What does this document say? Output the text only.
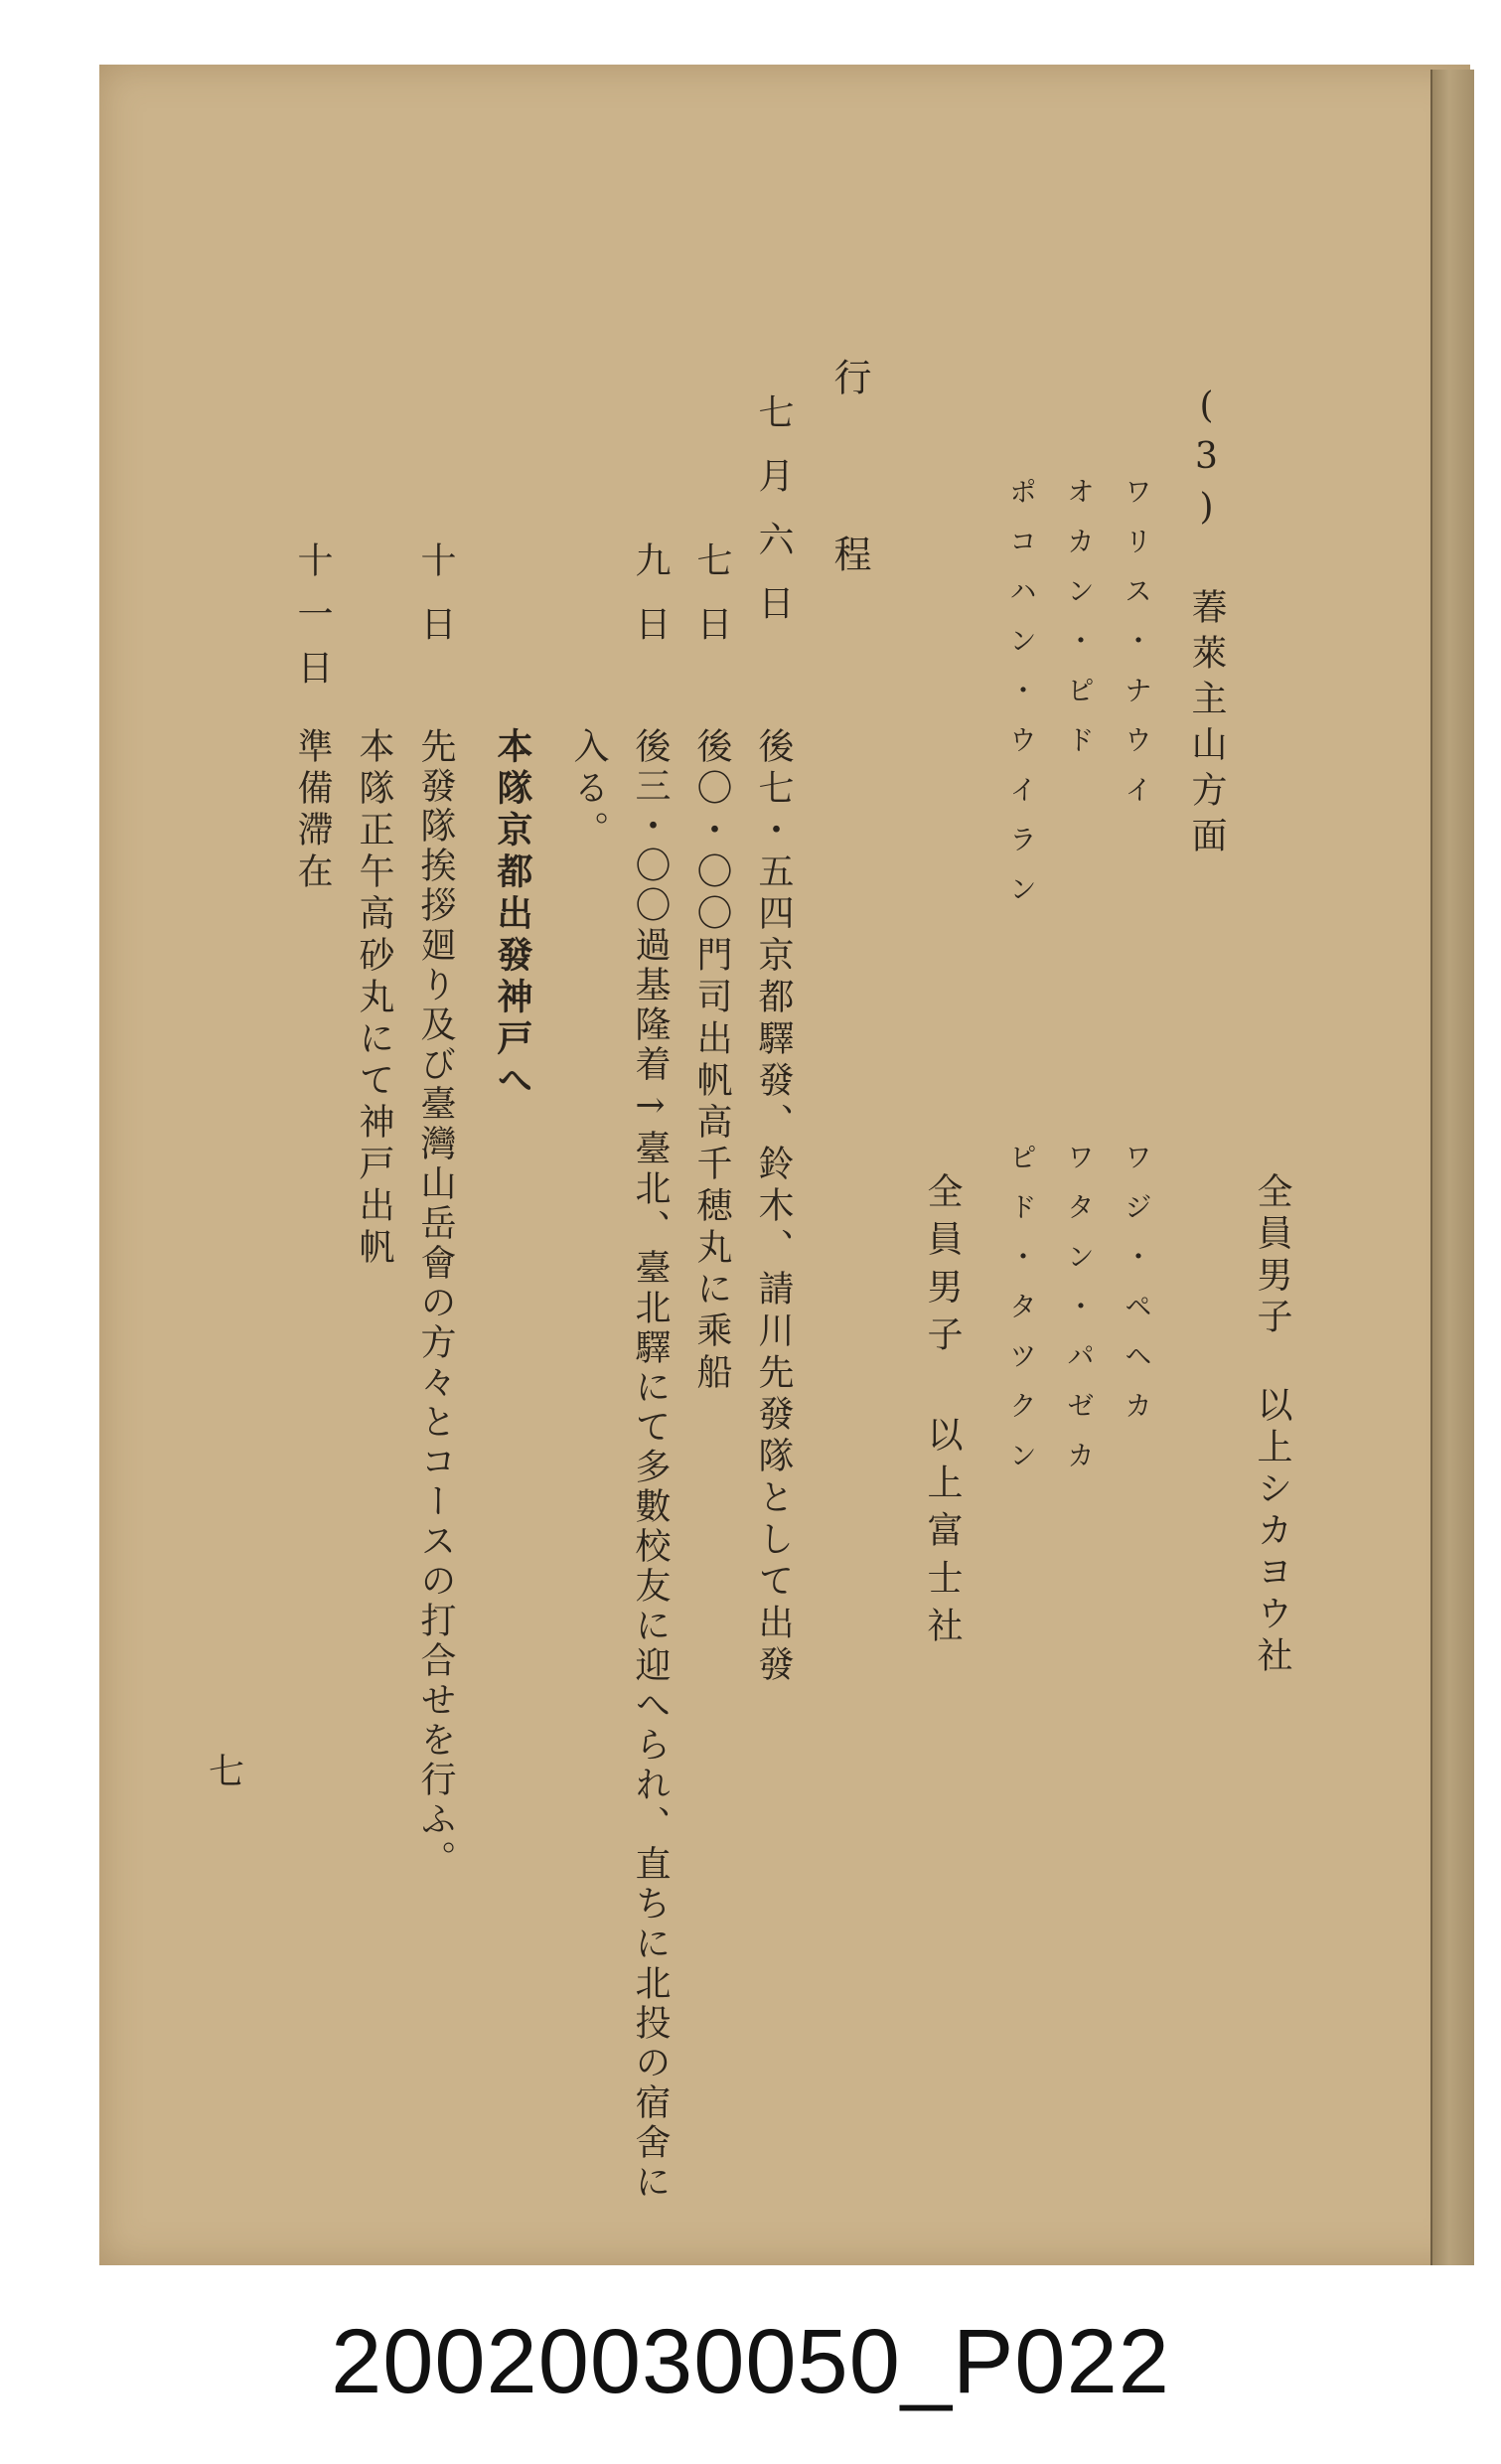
(3) 萶萊主山方面
ワリス・ナウイ
オカン・ピド
ポコハン・ウイラン
ワジ・ペヘカ
ワタン・パゼカ
ピド・タツクン	全員男子 以上シカヨウ社
全員男子 以上富士社
行 程
七月六日
七日
九日
十日
十一日
後七・五四京都驛發、鈴木、請川先發隊として出發
後〇・〇〇門司出帆高千穂丸に乘船
後三・〇〇過基隆着→臺北、臺北驛にて多數校友に迎へられ、直ちに北投の宿舍に
入る。
本隊京都出發神戸へ
先發隊挨拶廻り及び臺灣山岳會の方々とコースの打合せを行ふ。
本隊正午高砂丸にて神戸出帆
準備滯在
七
20020030050_P022
